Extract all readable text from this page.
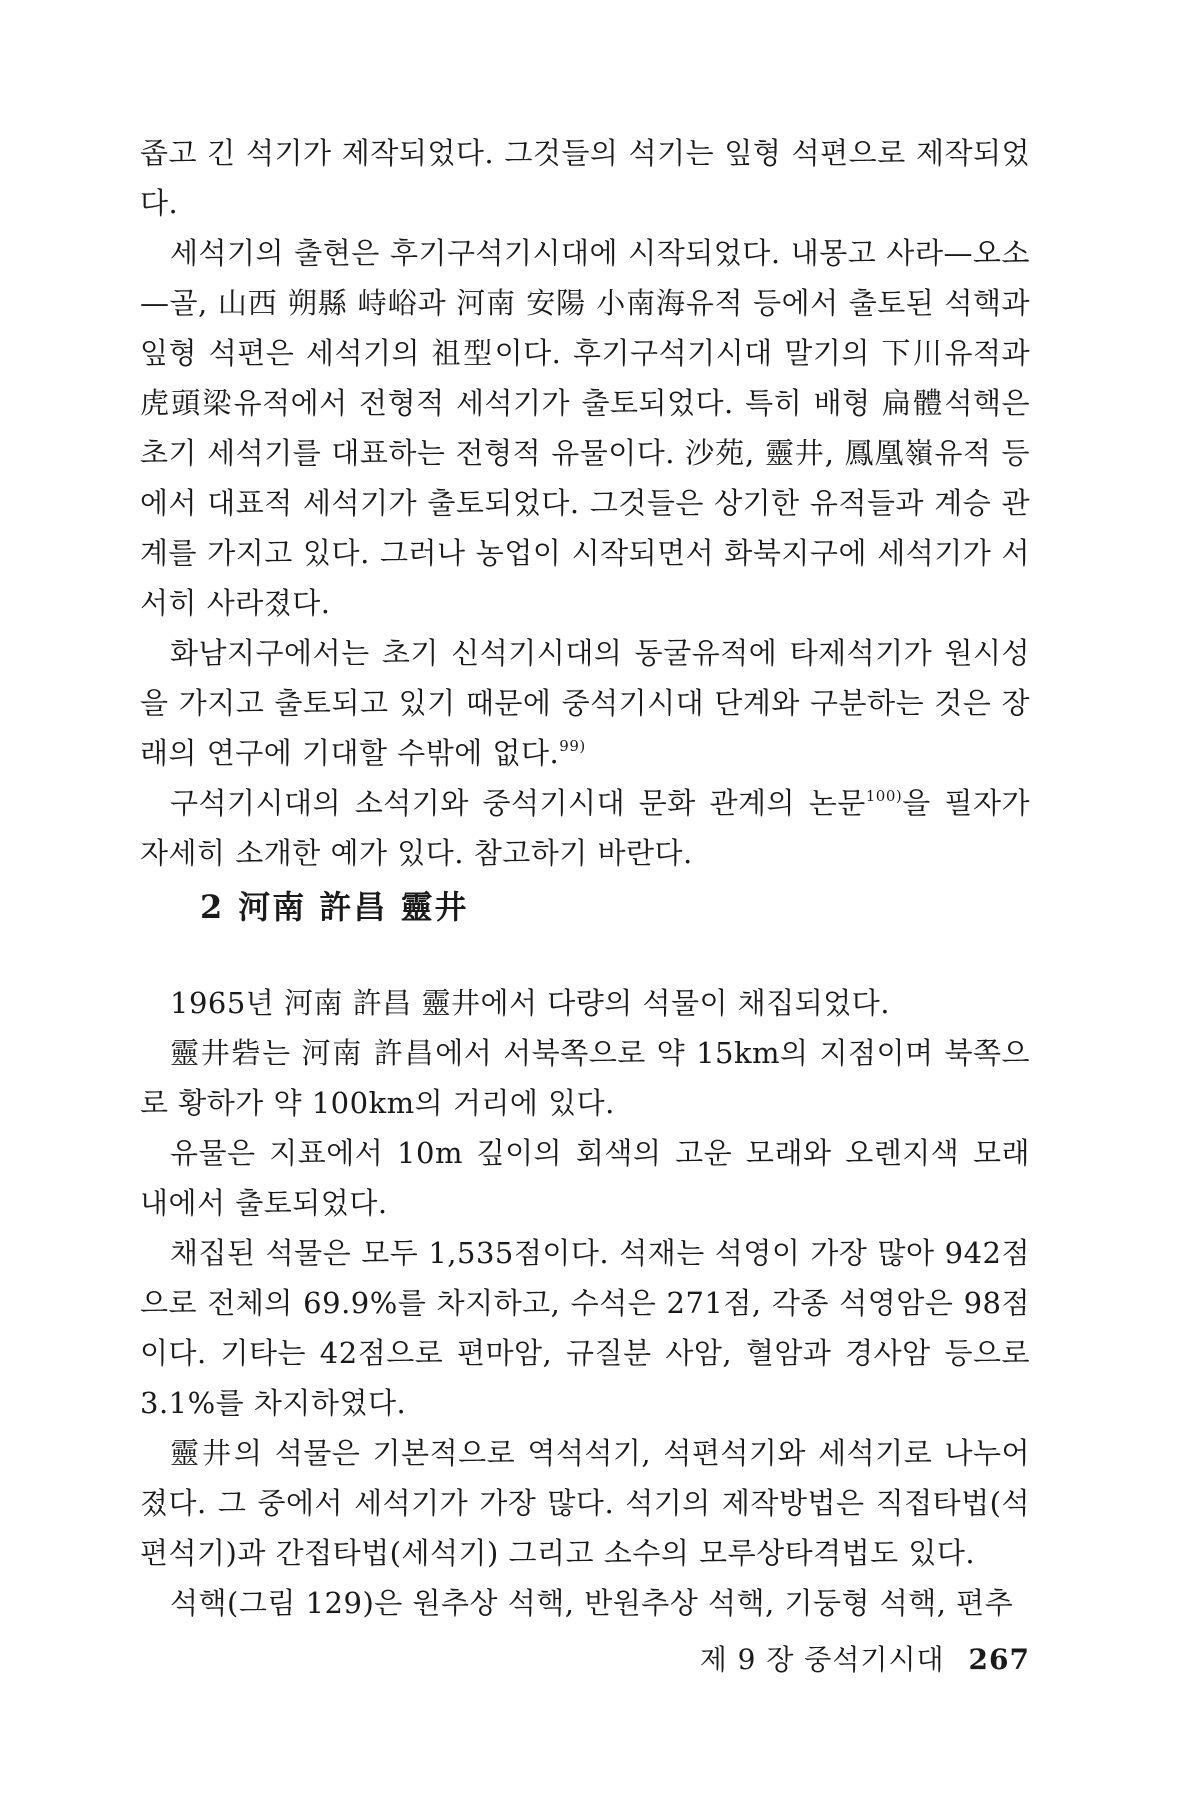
좁고 긴 석기가 제작되었다. 그것들의 석기는 잎형 석편으로 제작되었다.

세석기의 출현은 후기구석기시대에 시작되었다. 내몽고 사라—오소—골, 山西 朔縣 峙峪과 河南 安陽 小南海유적 등에서 출토된 석핵과 잎형 석편은 세석기의 祖型이다. 후기구석기시대 말기의 下川유적과 虎頭梁유적에서 전형적 세석기가 출토되었다. 특히 배형 扁體석핵은 초기 세석기를 대표하는 전형적 유물이다. 沙苑, 靈井, 鳳凰嶺유적 등에서 대표적 세석기가 출토되었다. 그것들은 상기한 유적들과 계승 관계를 가지고 있다. 그러나 농업이 시작되면서 화북지구에 세석기가 서서히 사라졌다.

화남지구에서는 초기 신석기시대의 동굴유적에 타제석기가 원시성을 가지고 출토되고 있기 때문에 중석기시대 단계와 구분하는 것은 장래의 연구에 기대할 수밖에 없다.$^{99)}$

구석기시대의 소석기와 중석기시대 문화 관계의 논문$^{100)}$을 필자가 자세히 소개한 예가 있다. 참고하기 바란다.

2 河南 許昌 靈井

1965년 河南 許昌 靈井에서 다량의 석물이 채집되었다.

靈井砦는 河南 許昌에서 서북쪽으로 약 15km의 지점이며 북쪽으로 황하가 약 100km의 거리에 있다.

유물은 지표에서 10m 깊이의 회색의 고운 모래와 오렌지색 모래 내에서 출토되었다.

채집된 석물은 모두 1,535점이다. 석재는 석영이 가장 많아 942점으로 전체의 69.9%를 차지하고, 수석은 271점, 각종 석영암은 98점이다. 기타는 42점으로 편마암, 규질분 사암, 혈암과 경사암 등으로 3.1%를 차지하였다.

靈井의 석물은 기본적으로 역석석기, 석편석기와 세석기로 나누어졌다. 그 중에서 세석기가 가장 많다. 석기의 제작방법은 직접타법(석편석기)과 간접타법(세석기) 그리고 소수의 모루상타격법도 있다.

석핵(그림 129)은 원추상 석핵, 반원추상 석핵, 기둥형 석핵, 편추

제 9 장 중석기시대 267
